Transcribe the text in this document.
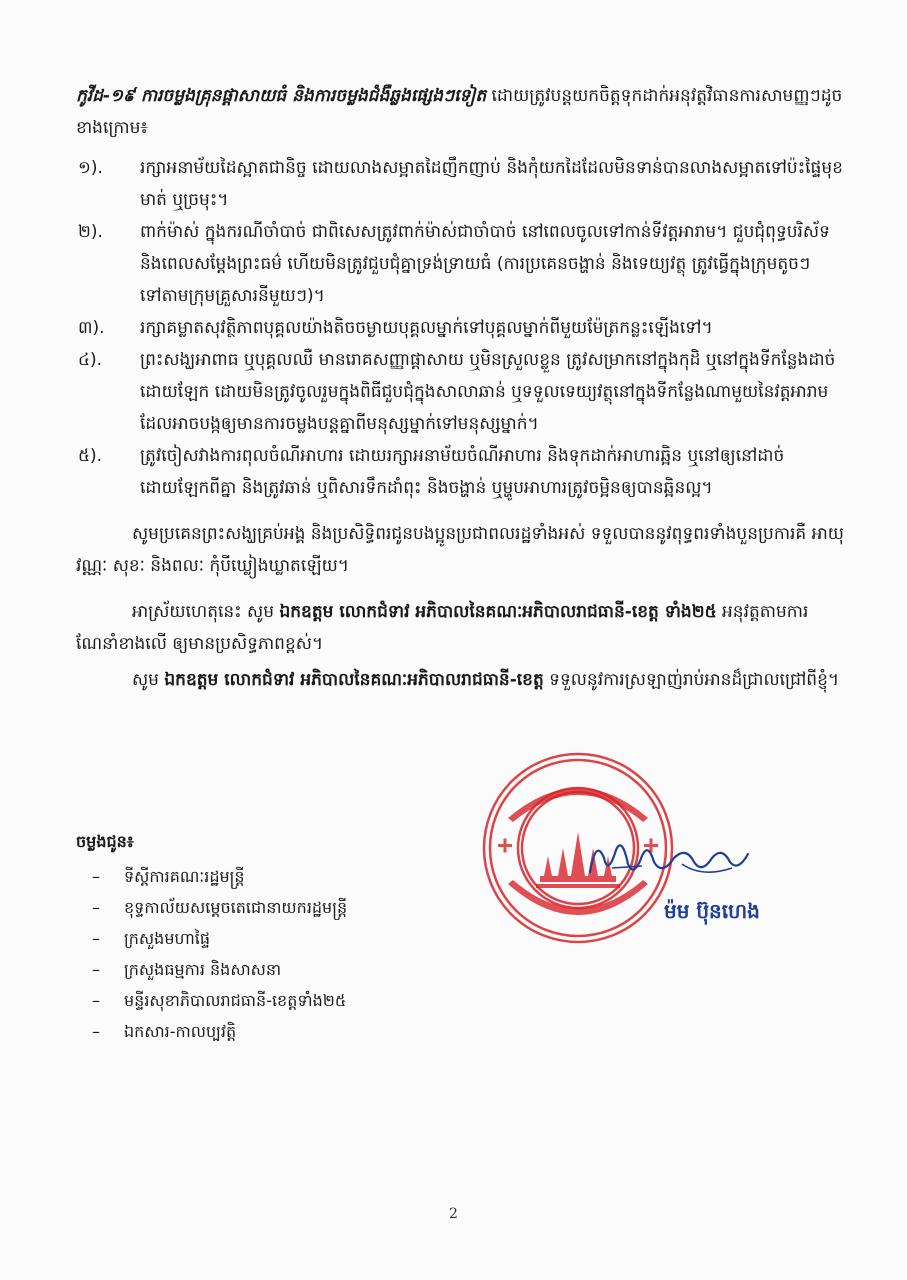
កូវីដ-១៩ ការចម្លងគ្រុនផ្តាសាយធំ និងការចម្លងជំងឺឆ្លងផ្សេងៗទៀត ដោយត្រូវបន្តយកចិត្តទុកដាក់អនុវត្តវិធានការសាមញ្ញៗដូចខាងក្រោម៖

១).	រក្សាអនាម័យដៃស្អាតជានិច្ច ដោយលាងសម្អាតដៃញឹកញាប់ និងកុំយកដៃដែលមិនទាន់បានលាងសម្អាតទៅប៉ះផ្ទៃមុខ មាត់ ឬច្រមុះ។
២).	ពាក់ម៉ាស់ ក្នុងករណីចាំបាច់ ជាពិសេសត្រូវពាក់ម៉ាស់ជាចាំបាច់ នៅពេលចូលទៅកាន់ទីវត្តអារាម។ ជួបជុំពុទ្ធបរិស័ទ និងពេលសម្តែងព្រះធម៌ ហើយមិនត្រូវជួបជុំគ្នាទ្រង់ទ្រាយធំ (ការប្រគេនចង្ហាន់ និងទេយ្យវត្ថុ ត្រូវធ្វើក្នុងក្រុមតូចៗ ទៅតាមក្រុមគ្រួសារនីមួយៗ)។
៣).	រក្សាគម្លាតសុវត្ថិភាពបុគ្គលយ៉ាងតិចចម្ងាយបុគ្គលម្នាក់ទៅបុគ្គលម្នាក់ពីមួយម៉ែត្រកន្លះឡើងទៅ។
៤).	ព្រះសង្ឃអាពាធ ឬបុគ្គលឈឺ មានរោគសញ្ញាផ្តាសាយ ឬមិនស្រួលខ្លួន ត្រូវសម្រាកនៅក្នុងកុដិ ឬនៅក្នុងទីកន្លែងដាច់ដោយឡែក ដោយមិនត្រូវចូលរួមក្នុងពិធីជួបជុំក្នុងសាលាឆាន់ ឬទទួលទេយ្យវត្ថុនៅក្នុងទីកន្លែងណាមួយនៃវត្តអារាម ដែលអាចបង្កឲ្យមានការចម្លងបន្តគ្នាពីមនុស្សម្នាក់ទៅមនុស្សម្នាក់។
៥).	ត្រូវចៀសវាងការពុលចំណីអាហារ ដោយរក្សាអនាម័យចំណីអាហារ និងទុកដាក់អាហារឆ្អិន ឬនៅឲ្យនៅដាច់ដោយឡែកពីគ្នា និងត្រូវឆាន់ ឬពិសារទឹកដាំពុះ និងចង្ហាន់ ឬម្ហូបអាហារត្រូវចម្អិនឲ្យបានឆ្អិនល្អ។

សូមប្រគេនព្រះសង្ឃគ្រប់អង្គ និងប្រសិទ្ធិពរជូនបងប្អូនប្រជាពលរដ្ឋទាំងអស់ ទទួលបាននូវពុទ្ធពរទាំងបួនប្រការគឺ អាយុ វណ្ណៈ សុខៈ និងពលៈ កុំបីឃ្លៀងឃ្លាតឡើយ។

អាស្រ័យហេតុនេះ សូម ឯកឧត្តម លោកជំទាវ អភិបាលនៃគណៈអភិបាលរាជធានី-ខេត្ត ទាំង២៥ អនុវត្តតាមការណែនាំខាងលើ ឲ្យមានប្រសិទ្ធភាពខ្ពស់។

សូម ឯកឧត្តម លោកជំទាវ អភិបាលនៃគណៈអភិបាលរាជធានី-ខេត្ត ទទួលនូវការស្រឡាញ់រាប់អានដ៏ជ្រាលជ្រៅពីខ្ញុំ។

ម៉ម ប៊ុនហេង
ចម្លងជូន៖
–	ទីស្តីការគណៈរដ្ឋមន្ត្រី
–	ខុទ្ទកាល័យសម្តេចតេជោនាយករដ្ឋមន្ត្រី
–	ក្រសួងមហាផ្ទៃ
–	ក្រសួងធម្មការ និងសាសនា
–	មន្ទីរសុខាភិបាលរាជធានី-ខេត្តទាំង២៥
–	ឯកសារ-កាលប្បវត្តិ
2
